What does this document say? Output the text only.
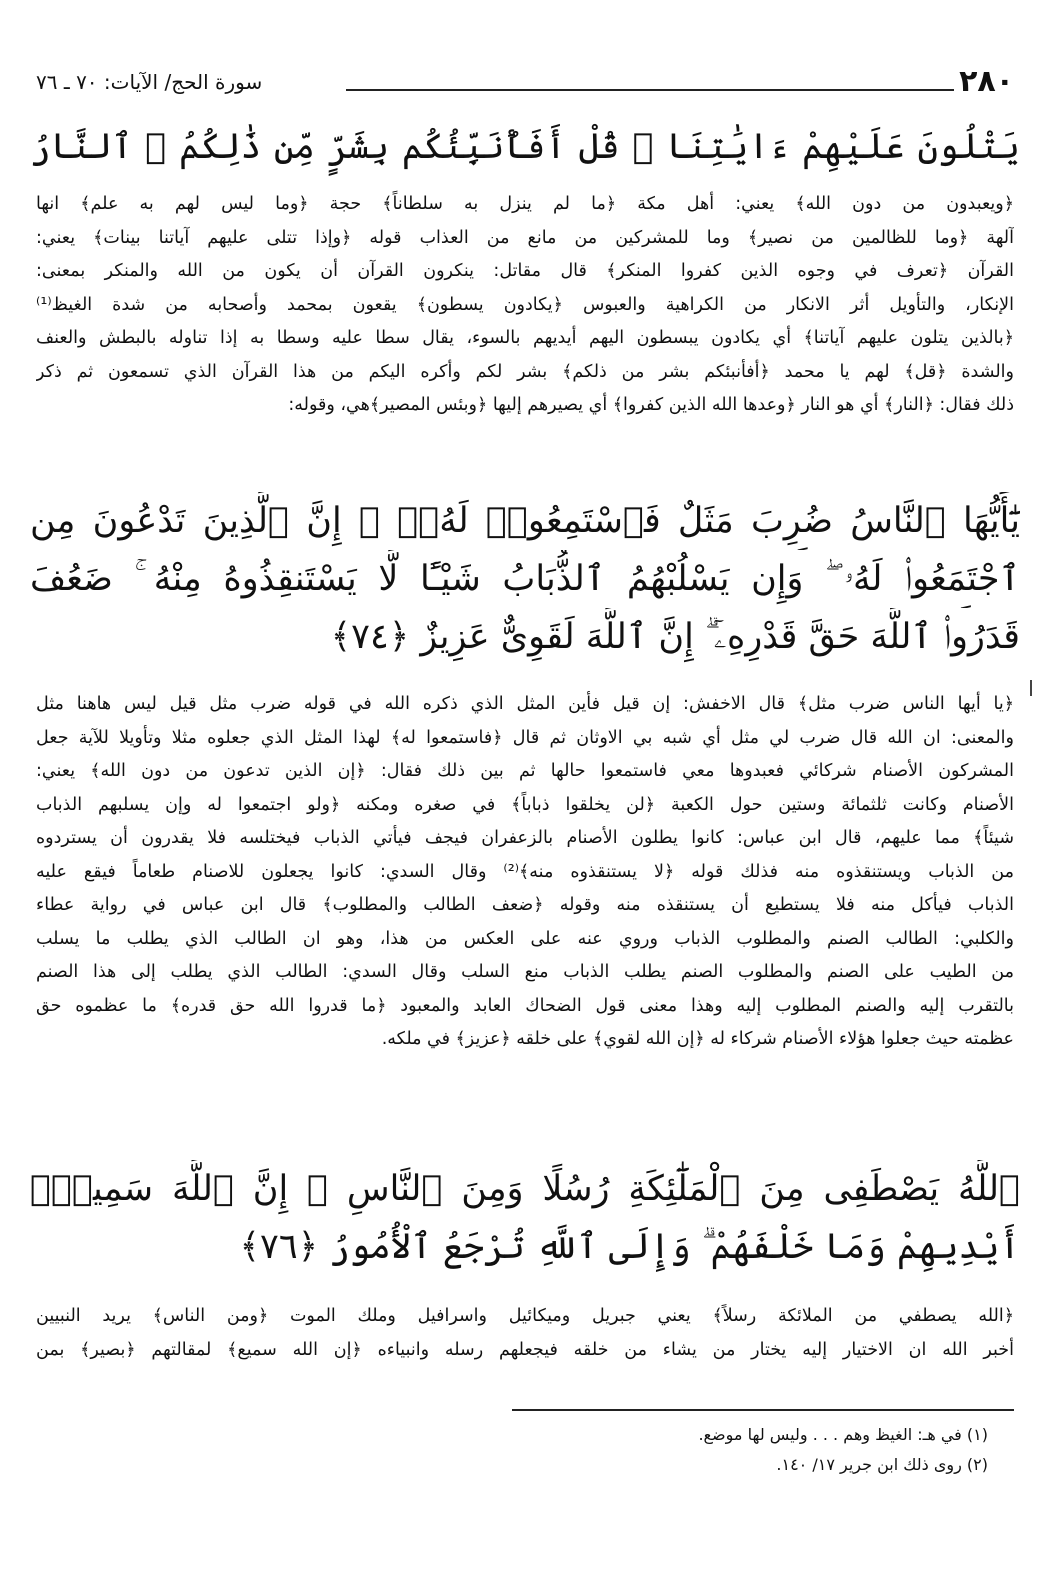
٢٨٠
سورة الحج/ الآيات: ٧٠ ـ ٧٦
يَتْلُونَ عَلَيْهِمْ ءَايَٰتِنَا ۗ قُلْ أَفَأُنَبِّئُكُم بِشَرٍّ مِّن ذَٰلِكُمُ ۗ ٱلنَّارُ
﴿ويعبدون من دون الله﴾ يعني: أهل مكة ﴿ما لم ينزل به سلطاناً﴾ حجة ﴿وما ليس لهم به علم﴾ انها
آلهة ﴿وما للظالمين من نصير﴾ وما للمشركين من مانع من العذاب قوله ﴿وإذا تتلى عليهم آياتنا بينات﴾ يعني:
القرآن ﴿تعرف في وجوه الذين كفروا المنكر﴾ قال مقاتل: ينكرون القرآن أن يكون من الله والمنكر بمعنى:
الإنكار، والتأويل أثر الانكار من الكراهية والعبوس ﴿يكادون يسطون﴾ يقعون بمحمد وأصحابه من شدة الغيظ⁽¹⁾
﴿بالذين يتلون عليهم آياتنا﴾ أي يكادون يبسطون اليهم أيديهم بالسوء، يقال سطا عليه وسطا به إذا تناوله بالبطش والعنف
والشدة ﴿قل﴾ لهم يا محمد ﴿أفأنبئكم بشر من ذلكم﴾ بشر لكم وأكره اليكم من هذا القرآن الذي تسمعون ثم ذكر
ذلك فقال: ﴿النار﴾ أي هو النار ﴿وعدها الله الذين كفروا﴾ أي يصيرهم إليها ﴿وبئس المصير﴾هي، وقوله:
يَٰٓأَيُّهَا ٱلنَّاسُ ضُرِبَ مَثَلٌ فَٱسْتَمِعُوا۟ لَهُۥٓ ۚ إِنَّ ٱلَّذِينَ تَدْعُونَ مِن
ٱجْتَمَعُوا۟ لَهُۥ ۖ وَإِن يَسْلُبْهُمُ ٱلذُّبَابُ شَيْـًٔا لَّا يَسْتَنقِذُوهُ مِنْهُ ۚ ضَعُفَ
قَدَرُوا۟ ٱللَّهَ حَقَّ قَدْرِهِۦٓ ۗ إِنَّ ٱللَّهَ لَقَوِىٌّ عَزِيزٌ ﴿٧٤﴾
﴿يا أيها الناس ضرب مثل﴾ قال الاخفش: إن قيل فأين المثل الذي ذكره الله في قوله ضرب مثل قيل ليس هاهنا مثل
والمعنى: ان الله قال ضرب لي مثل أي شبه بي الاوثان ثم قال ﴿فاستمعوا له﴾ لهذا المثل الذي جعلوه مثلا وتأويلا للآية جعل
المشركون الأصنام شركائي فعبدوها معي فاستمعوا حالها ثم بين ذلك فقال: ﴿إن الذين تدعون من دون الله﴾ يعني:
الأصنام وكانت ثلثمائة وستين حول الكعبة ﴿لن يخلقوا ذباباً﴾ في صغره ومكنه ﴿ولو اجتمعوا له وإن يسلبهم الذباب
شيئاً﴾ مما عليهم، قال ابن عباس: كانوا يطلون الأصنام بالزعفران فيجف فيأتي الذباب فيختلسه فلا يقدرون أن يستردوه
من الذباب ويستنقذوه منه فذلك قوله ﴿لا يستنقذوه منه﴾⁽²⁾ وقال السدي: كانوا يجعلون للاصنام طعاماً فيقع عليه
الذباب فيأكل منه فلا يستطيع أن يستنقذه منه وقوله ﴿ضعف الطالب والمطلوب﴾ قال ابن عباس في رواية عطاء
والكلبي: الطالب الصنم والمطلوب الذباب وروي عنه على العكس من هذا، وهو ان الطالب الذي يطلب ما يسلب
من الطيب على الصنم والمطلوب الصنم يطلب الذباب منع السلب وقال السدي: الطالب الذي يطلب إلى هذا الصنم
بالتقرب إليه والصنم المطلوب إليه وهذا معنى قول الضحاك العابد والمعبود ﴿ما قدروا الله حق قدره﴾ ما عظموه حق
عظمته حيث جعلوا هؤلاء الأصنام شركاء له ﴿إن الله لقوي﴾ على خلقه ﴿عزيز﴾ في ملكه.
ٱللَّهُ يَصْطَفِى مِنَ ٱلْمَلَٰٓئِكَةِ رُسُلًا وَمِنَ ٱلنَّاسِ ۚ إِنَّ ٱللَّهَ سَمِيعٌۢ
أَيْدِيهِمْ وَمَا خَلْفَهُمْ ۗ وَإِلَى ٱللَّهِ تُرْجَعُ ٱلْأُمُورُ ﴿٧٦﴾
﴿الله يصطفي من الملائكة رسلاً﴾ يعني جبريل وميكائيل واسرافيل وملك الموت ﴿ومن الناس﴾ يريد النبيين
أخبر الله ان الاختيار إليه يختار من يشاء من خلقه فيجعلهم رسله وانبياءه ﴿إن الله سميع﴾ لمقالتهم ﴿بصير﴾ بمن
(١) في هـ: الغيظ وهم . . . وليس لها موضع.
(٢) روى ذلك ابن جرير ١٧/ ١٤٠.
